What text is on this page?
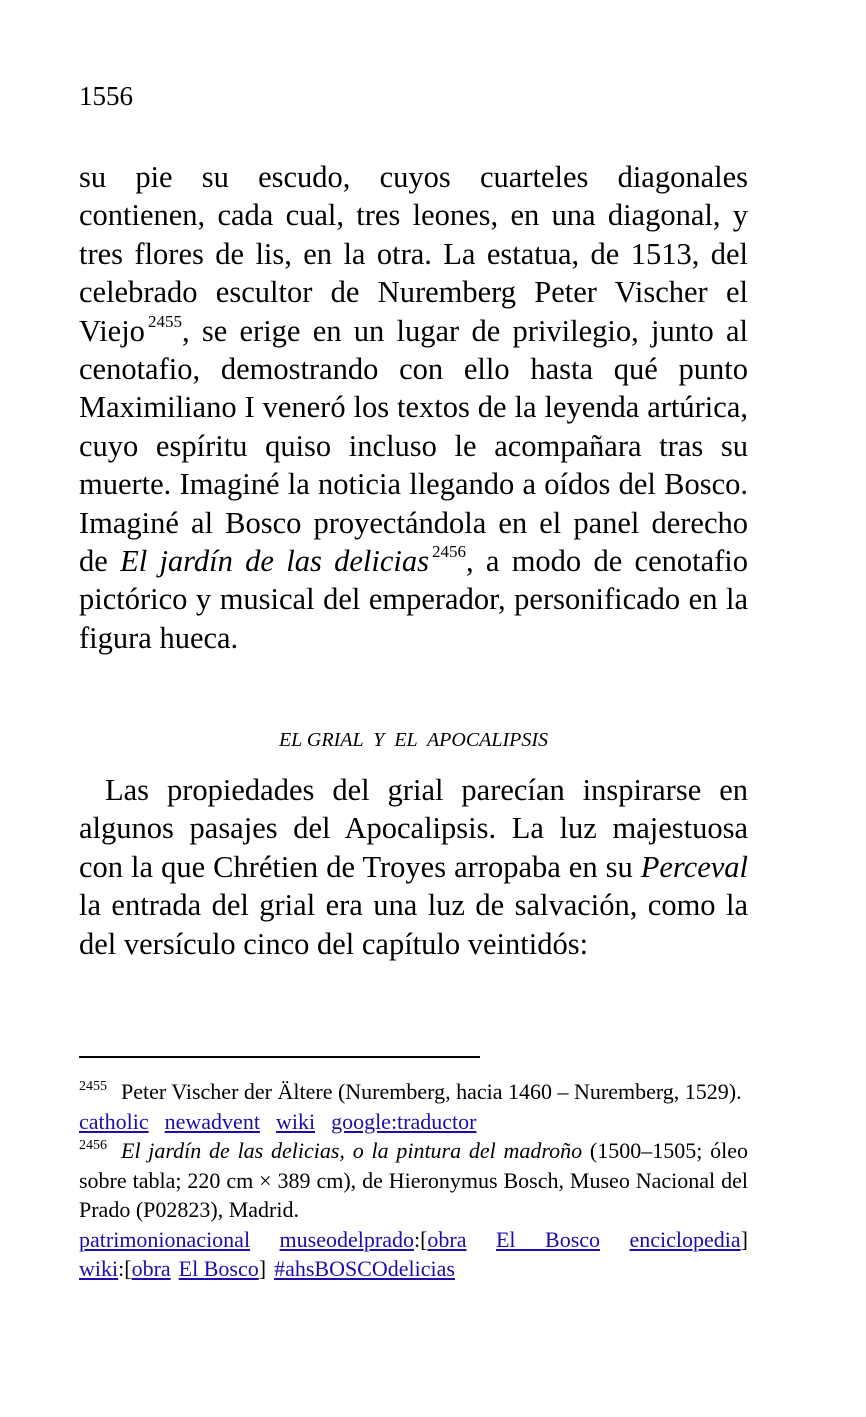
1556

su pie su escudo, cuyos cuarteles diagonales contienen, cada cual, tres leones, en una diagonal, y tres flores de lis, en la otra. La estatua, de 1513, del celebrado escultor de Nuremberg Peter Vischer el Viejo $^{2455}$, se erige en un lugar de privilegio, junto al cenotafio, demostrando con ello hasta qué punto Maximiliano I veneró los textos de la leyenda artúrica, cuyo espíritu quiso incluso le acompañara tras su muerte. Imaginé la noticia llegando a oídos del Bosco. Imaginé al Bosco proyectándola en el panel derecho de El jardín de las delicias $^{2456}$, a modo de cenotafio pictórico y musical del emperador, personificado en la figura hueca.

EL GRIAL  Y  EL  APOCALIPSIS

Las propiedades del grial parecían inspirarse en algunos pasajes del Apocalipsis. La luz majestuosa con la que Chrétien de Troyes arropaba en su Perceval la entrada del grial era una luz de salvación, como la del versículo cinco del capítulo veintidós:

$^{2455}$ Peter Vischer der Ältere (Nuremberg, hacia 1460 – Nuremberg, 1529).

catholic newadvent wiki google:traductor

$^{2456}$ El jardín de las delicias, o la pintura del madroño (1500–1505; óleo sobre tabla; 220 cm × 389 cm), de Hieronymus Bosch, Museo Nacional del Prado (P02823), Madrid.

patrimonionacional museodelprado:[obra El Bosco enciclopedia]

wiki:[obra El Bosco] #ahsBOSCOdelicias
